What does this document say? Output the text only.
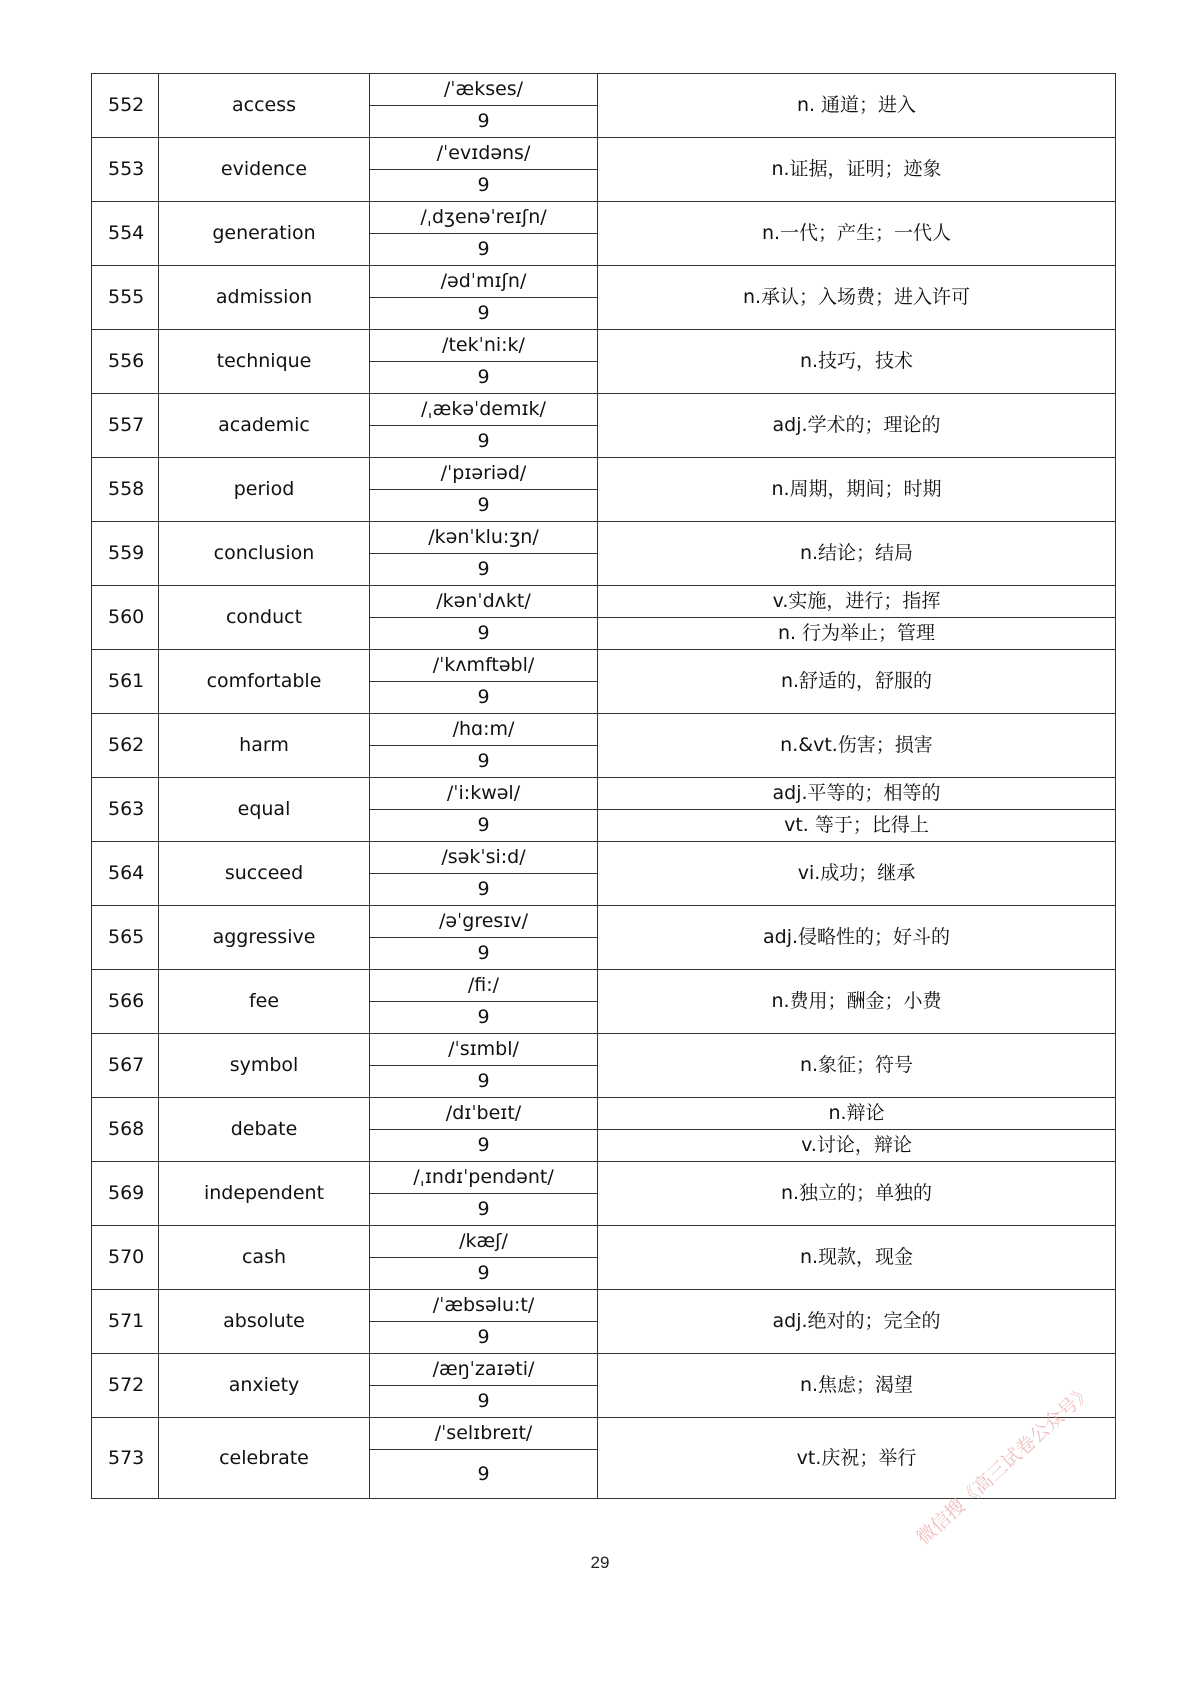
552	access	/ˈækses/	n. 通道；进入
		9	
553	evidence	/ˈevɪdəns/	n.证据，证明；迹象
		9	
554	generation	/ˌdʒenəˈreɪʃn/	n.一代；产生；一代人
		9	
555	admission	/ədˈmɪʃn/	n.承认；入场费；进入许可
		9	
556	technique	/tekˈni:k/	n.技巧，技术
		9	
557	academic	/ˌækəˈdemɪk/	adj.学术的；理论的
		9	
558	period	/ˈpɪəriəd/	n.周期，期间；时期
		9	
559	conclusion	/kənˈklu:ʒn/	n.结论；结局
		9	
560	conduct	/kənˈdʌkt/	v.实施，进行；指挥
		9	n. 行为举止；管理
561	comfortable	/ˈkʌmftəbl/	n.舒适的，舒服的
		9	
562	harm	/hɑ:m/	n.&vt.伤害；损害
		9	
563	equal	/ˈi:kwəl/	adj.平等的；相等的
		9	vt. 等于；比得上
564	succeed	/səkˈsi:d/	vi.成功；继承
		9	
565	aggressive	/əˈgresɪv/	adj.侵略性的；好斗的
		9	
566	fee	/fi:/	n.费用；酬金；小费
		9	
567	symbol	/ˈsɪmbl/	n.象征；符号
		9	
568	debate	/dɪˈbeɪt/	n.辩论
		9	v.讨论，辩论
569	independent	/ˌɪndɪˈpendənt/	n.独立的；单独的
		9	
570	cash	/kæʃ/	n.现款，现金
		9	
571	absolute	/ˈæbsəlu:t/	adj.绝对的；完全的
		9	
572	anxiety	/æŋˈzaɪəti/	n.焦虑；渴望
		9	
573	celebrate	/ˈselɪbreɪt/	vt.庆祝；举行
		9	
29
微信搜《高三试卷公众号》
